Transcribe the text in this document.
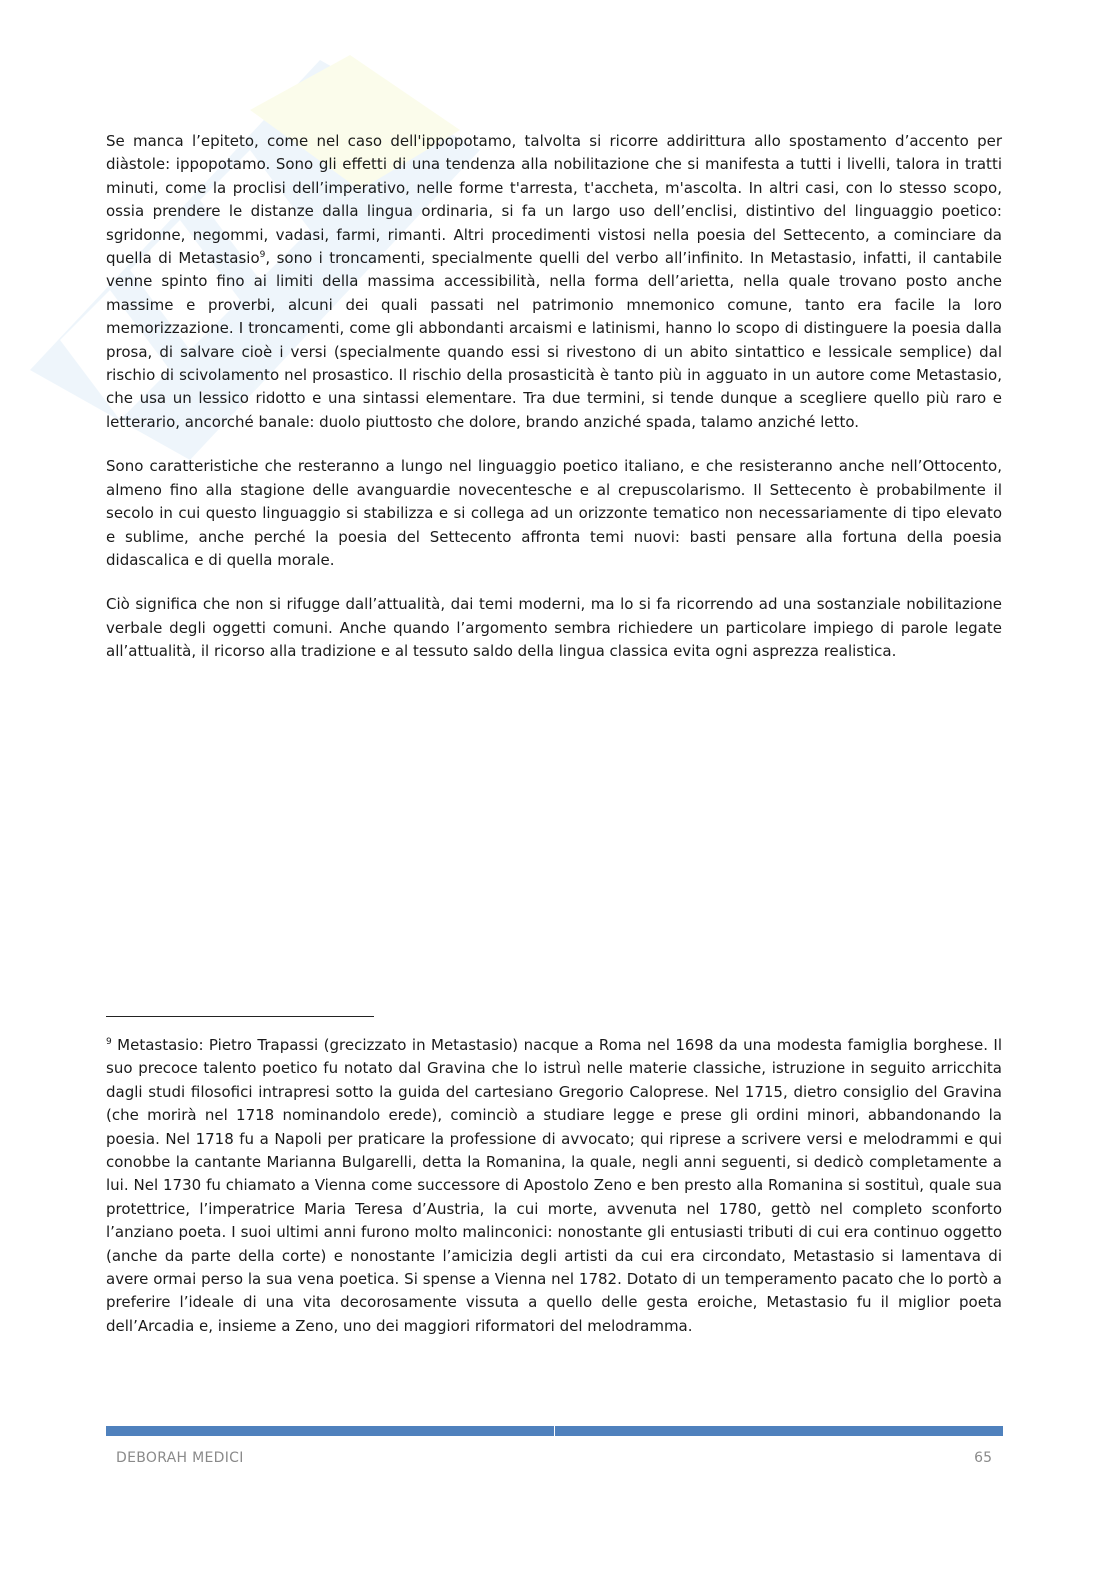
Se manca l’epiteto, come nel caso dell'ippopotamo, talvolta si ricorre addirittura allo spostamento d’accento per diàstole: ippopotamo. Sono gli effetti di una tendenza alla nobilitazione che si manifesta a tutti i livelli, talora in tratti minuti, come la proclisi dell’imperativo, nelle forme t'arresta, t'accheta, m'ascolta. In altri casi, con lo stesso scopo, ossia prendere le distanze dalla lingua ordinaria, si fa un largo uso dell’enclisi, distintivo del linguaggio poetico: sgridonne, negommi, vadasi, farmi, rimanti. Altri procedimenti vistosi nella poesia del Settecento, a cominciare da quella di Metastasio$^9$, sono i troncamenti, specialmente quelli del verbo all’infinito. In Metastasio, infatti, il cantabile venne spinto fino ai limiti della massima accessibilità, nella forma dell’arietta, nella quale trovano posto anche massime e proverbi, alcuni dei quali passati nel patrimonio mnemonico comune, tanto era facile la loro memorizzazione. I troncamenti, come gli abbondanti arcaismi e latinismi, hanno lo scopo di distinguere la poesia dalla prosa, di salvare cioè i versi (specialmente quando essi si rivestono di un abito sintattico e lessicale semplice) dal rischio di scivolamento nel prosastico. Il rischio della prosasticità è tanto più in agguato in un autore come Metastasio, che usa un lessico ridotto e una sintassi elementare. Tra due termini, si tende dunque a scegliere quello più raro e letterario, ancorché banale: duolo piuttosto che dolore, brando anziché spada, talamo anziché letto.

Sono caratteristiche che resteranno a lungo nel linguaggio poetico italiano, e che resisteranno anche nell’Ottocento, almeno fino alla stagione delle avanguardie novecentesche e al crepuscolarismo. Il Settecento è probabilmente il secolo in cui questo linguaggio si stabilizza e si collega ad un orizzonte tematico non necessariamente di tipo elevato e sublime, anche perché la poesia del Settecento affronta temi nuovi: basti pensare alla fortuna della poesia didascalica e di quella morale.

Ciò significa che non si rifugge dall’attualità, dai temi moderni, ma lo si fa ricorrendo ad una sostanziale nobilitazione verbale degli oggetti comuni. Anche quando l’argomento sembra richiedere un particolare impiego di parole legate all’attualità, il ricorso alla tradizione e al tessuto saldo della lingua classica evita ogni asprezza realistica.

$^9$ Metastasio: Pietro Trapassi (grecizzato in Metastasio) nacque a Roma nel 1698 da una modesta famiglia borghese. Il suo precoce talento poetico fu notato dal Gravina che lo istruì nelle materie classiche, istruzione in seguito arricchita dagli studi filosofici intrapresi sotto la guida del cartesiano Gregorio Caloprese. Nel 1715, dietro consiglio del Gravina (che morirà nel 1718 nominandolo erede), cominciò a studiare legge e prese gli ordini minori, abbandonando la poesia. Nel 1718 fu a Napoli per praticare la professione di avvocato; qui riprese a scrivere versi e melodrammi e qui conobbe la cantante Marianna Bulgarelli, detta la Romanina, la quale, negli anni seguenti, si dedicò completamente a lui. Nel 1730 fu chiamato a Vienna come successore di Apostolo Zeno e ben presto alla Romanina si sostituì, quale sua protettrice, l’imperatrice Maria Teresa d’Austria, la cui morte, avvenuta nel 1780, gettò nel completo sconforto l’anziano poeta. I suoi ultimi anni furono molto malinconici: nonostante gli entusiasti tributi di cui era continuo oggetto (anche da parte della corte) e nonostante l’amicizia degli artisti da cui era circondato, Metastasio si lamentava di avere ormai perso la sua vena poetica. Si spense a Vienna nel 1782. Dotato di un temperamento pacato che lo portò a preferire l’ideale di una vita decorosamente vissuta a quello delle gesta eroiche, Metastasio fu il miglior poeta dell’Arcadia e, insieme a Zeno, uno dei maggiori riformatori del melodramma.

DEBORAH MEDICI	65
